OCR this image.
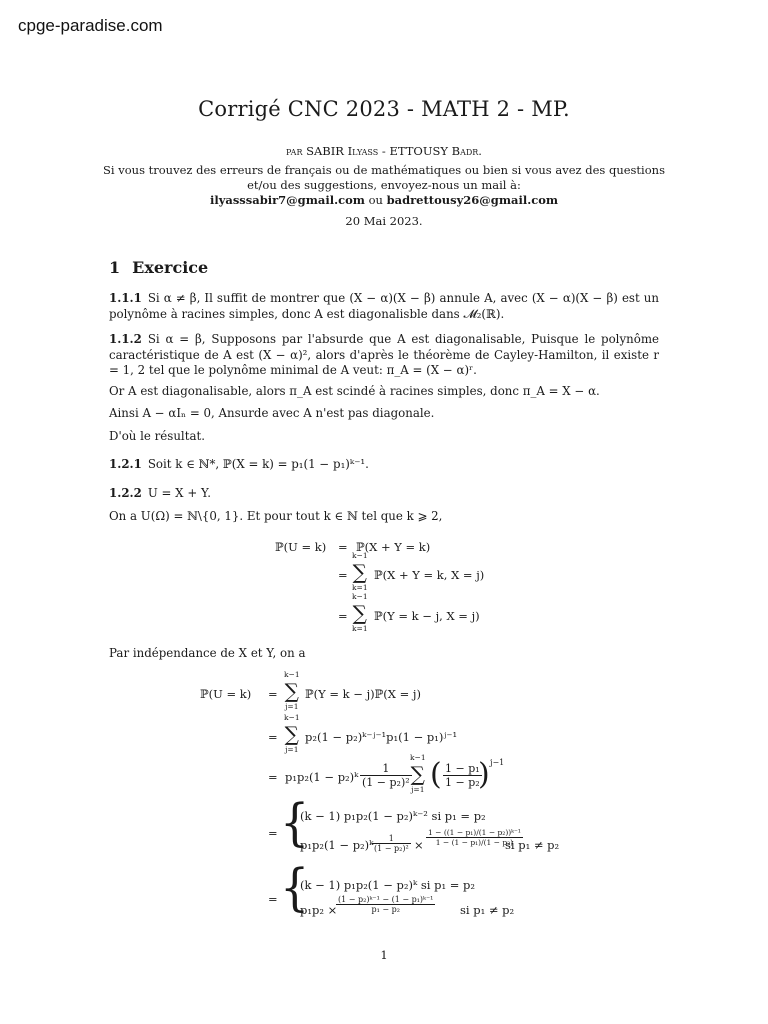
cpge-paradise.com
Corrigé CNC 2023 - MATH 2 - MP.
par SABIR Ilyass - ETTOUSY Badr.
Si vous trouvez des erreurs de français ou de mathématiques ou bien si vous avez des questions
et/ou des suggestions, envoyez-nous un mail à:
ilyasssabir7@gmail.com ou badrettousy26@gmail.com
20 Mai 2023.
1 Exercice
1.1.1 Si α ≠ β, Il suffit de montrer que (X − α)(X − β) annule A, avec (X − α)(X − β) est un polynôme à racines simples, donc A est diagonalisble dans 𝓜₂(ℝ).
1.1.2 Si α = β, Supposons par l'absurde que A est diagonalisable, Puisque le polynôme caractéristique de A est (X − α)², alors d'après le théorème de Cayley-Hamilton, il existe r = 1, 2 tel que le polynôme minimal de A veut: π_A = (X − α)ʳ.
Or A est diagonalisable, alors π_A est scindé à racines simples, donc π_A = X − α.
Ainsi A − αIₙ = 0, Ansurde avec A n'est pas diagonale.
D'où le résultat.
1.2.1 Soit k ∈ ℕ*, ℙ(X = k) = p₁(1 − p₁)ᵏ⁻¹.
1.2.2 U = X + Y.
On a U(Ω) = ℕ\{0, 1}. Et pour tout k ∈ ℕ tel que k ⩾ 2,
ℙ(U = k) = ℙ(X + Y = k)
=
k−1
∑
k=1
ℙ(X + Y = k, X = j)
=
k−1
∑
k=1
ℙ(Y = k − j, X = j)
Par indépendance de X et Y, on a
ℙ(U = k) =
k−1
∑
j=1
ℙ(Y = k − j)ℙ(X = j)
=
k−1
∑
j=1
p₂(1 − p₂)ᵏ⁻ʲ⁻¹p₁(1 − p₁)ʲ⁻¹
= p₁p₂(1 − p₂)ᵏ $\frac{1}{\text{(1 − p₂)²}}$
k−1
∑
j=1 ( $\frac{\text{1 − p₁}}{\text{1 − p₂}}$
) j−1
= {
(k − 1) p₁p₂(1 − p₂)ᵏ⁻² si p₁ = p₂
p₁p₂(1 − p₂)ᵏ
$\frac{1}{\text{(1 − p₂)²}} \times \frac{\text{1 − ((1 − p₁)/(1 − p₂))ᵏ⁻¹}}{\text{1 − (1 − p₁)/(1 − p₂)}}$
si p₁ ≠ p₂
= {
(k − 1) p₁p₂(1 − p₂)ᵏ si p₁ = p₂
p₁p₂ ×
$\frac{\text{(1 − p₂)ᵏ⁻¹ − (1 − p₁)ᵏ⁻¹}}{\text{p₁ − p₂}}$ si p₁ ≠ p₂
1
